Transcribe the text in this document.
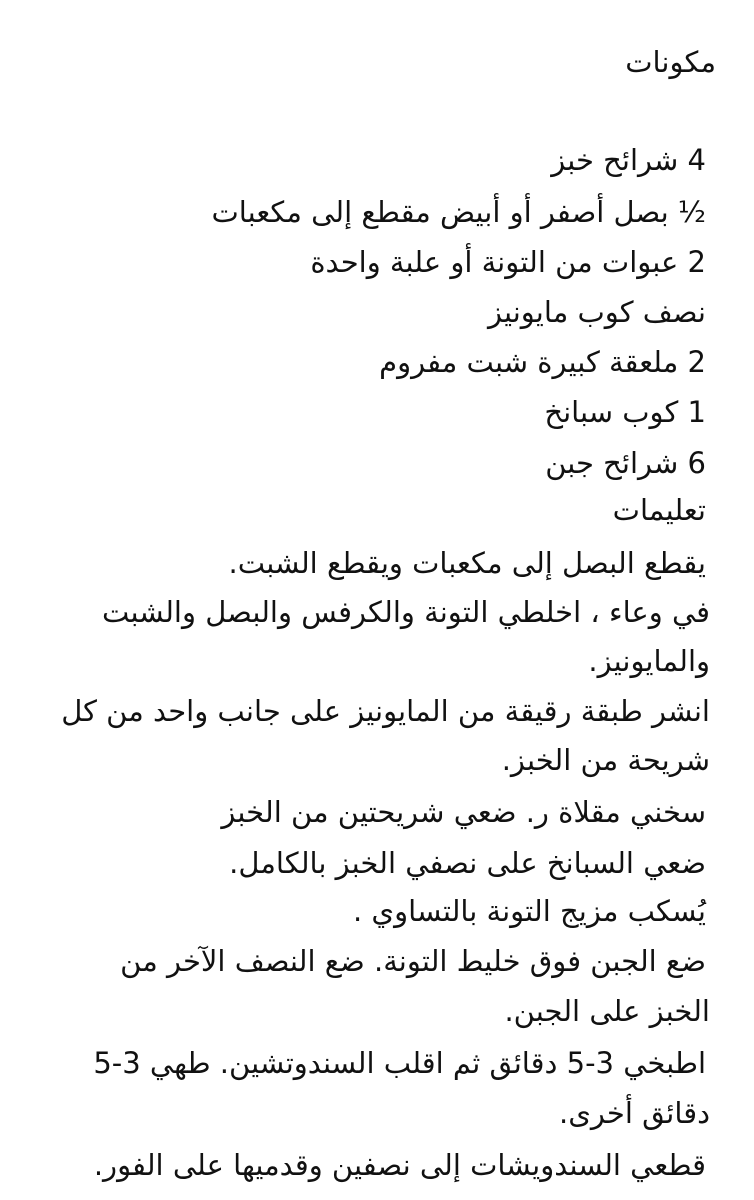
مكونات
4 شرائح خبز
½ بصل أصفر أو أبيض مقطع إلى مكعبات
2 عبوات من التونة أو علبة واحدة
نصف كوب مايونيز
2 ملعقة كبيرة شبت مفروم
1 كوب سبانخ
6 شرائح جبن
تعليمات
يقطع البصل إلى مكعبات ويقطع الشبت.
في وعاء ، اخلطي التونة والكرفس والبصل والشبت
والمايونيز.
انشر طبقة رقيقة من المايونيز على جانب واحد من كل
شريحة من الخبز.
سخني مقلاة ر. ضعي شريحتين من الخبز
ضعي السبانخ على نصفي الخبز بالكامل.
يُسكب مزيج التونة بالتساوي .
ضع الجبن فوق خليط التونة. ضع النصف الآخر من
الخبز على الجبن.
اطبخي 3-5 دقائق ثم اقلب السندوتشين. طهي 3-5
دقائق أخرى.
قطعي السندويشات إلى نصفين وقدميها على الفور.
